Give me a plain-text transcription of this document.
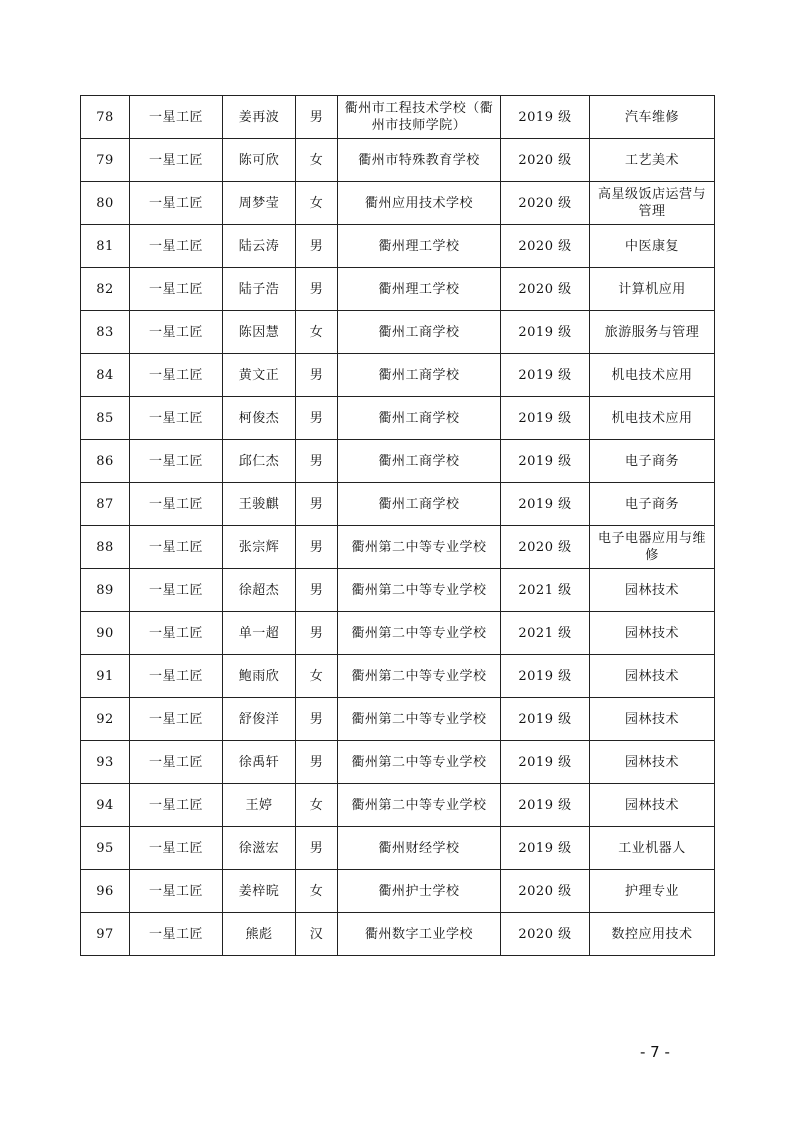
78	一星工匠	姜再波	男	衢州市工程技术学校（衢州市技师学院）	2019 级	汽车维修
79	一星工匠	陈可欣	女	衢州市特殊教育学校	2020 级	工艺美术
80	一星工匠	周梦莹	女	衢州应用技术学校	2020 级	高星级饭店运营与管理
81	一星工匠	陆云涛	男	衢州理工学校	2020 级	中医康复
82	一星工匠	陆子浩	男	衢州理工学校	2020 级	计算机应用
83	一星工匠	陈因慧	女	衢州工商学校	2019 级	旅游服务与管理
84	一星工匠	黄文正	男	衢州工商学校	2019 级	机电技术应用
85	一星工匠	柯俊杰	男	衢州工商学校	2019 级	机电技术应用
86	一星工匠	邱仁杰	男	衢州工商学校	2019 级	电子商务
87	一星工匠	王骏麒	男	衢州工商学校	2019 级	电子商务
88	一星工匠	张宗辉	男	衢州第二中等专业学校	2020 级	电子电器应用与维修
89	一星工匠	徐超杰	男	衢州第二中等专业学校	2021 级	园林技术
90	一星工匠	单一超	男	衢州第二中等专业学校	2021 级	园林技术
91	一星工匠	鲍雨欣	女	衢州第二中等专业学校	2019 级	园林技术
92	一星工匠	舒俊洋	男	衢州第二中等专业学校	2019 级	园林技术
93	一星工匠	徐禹轩	男	衢州第二中等专业学校	2019 级	园林技术
94	一星工匠	王婷	女	衢州第二中等专业学校	2019 级	园林技术
95	一星工匠	徐滋宏	男	衢州财经学校	2019 级	工业机器人
96	一星工匠	姜梓晥	女	衢州护士学校	2020 级	护理专业
97	一星工匠	熊彪	汉	衢州数字工业学校	2020 级	数控应用技术
- 7 -
